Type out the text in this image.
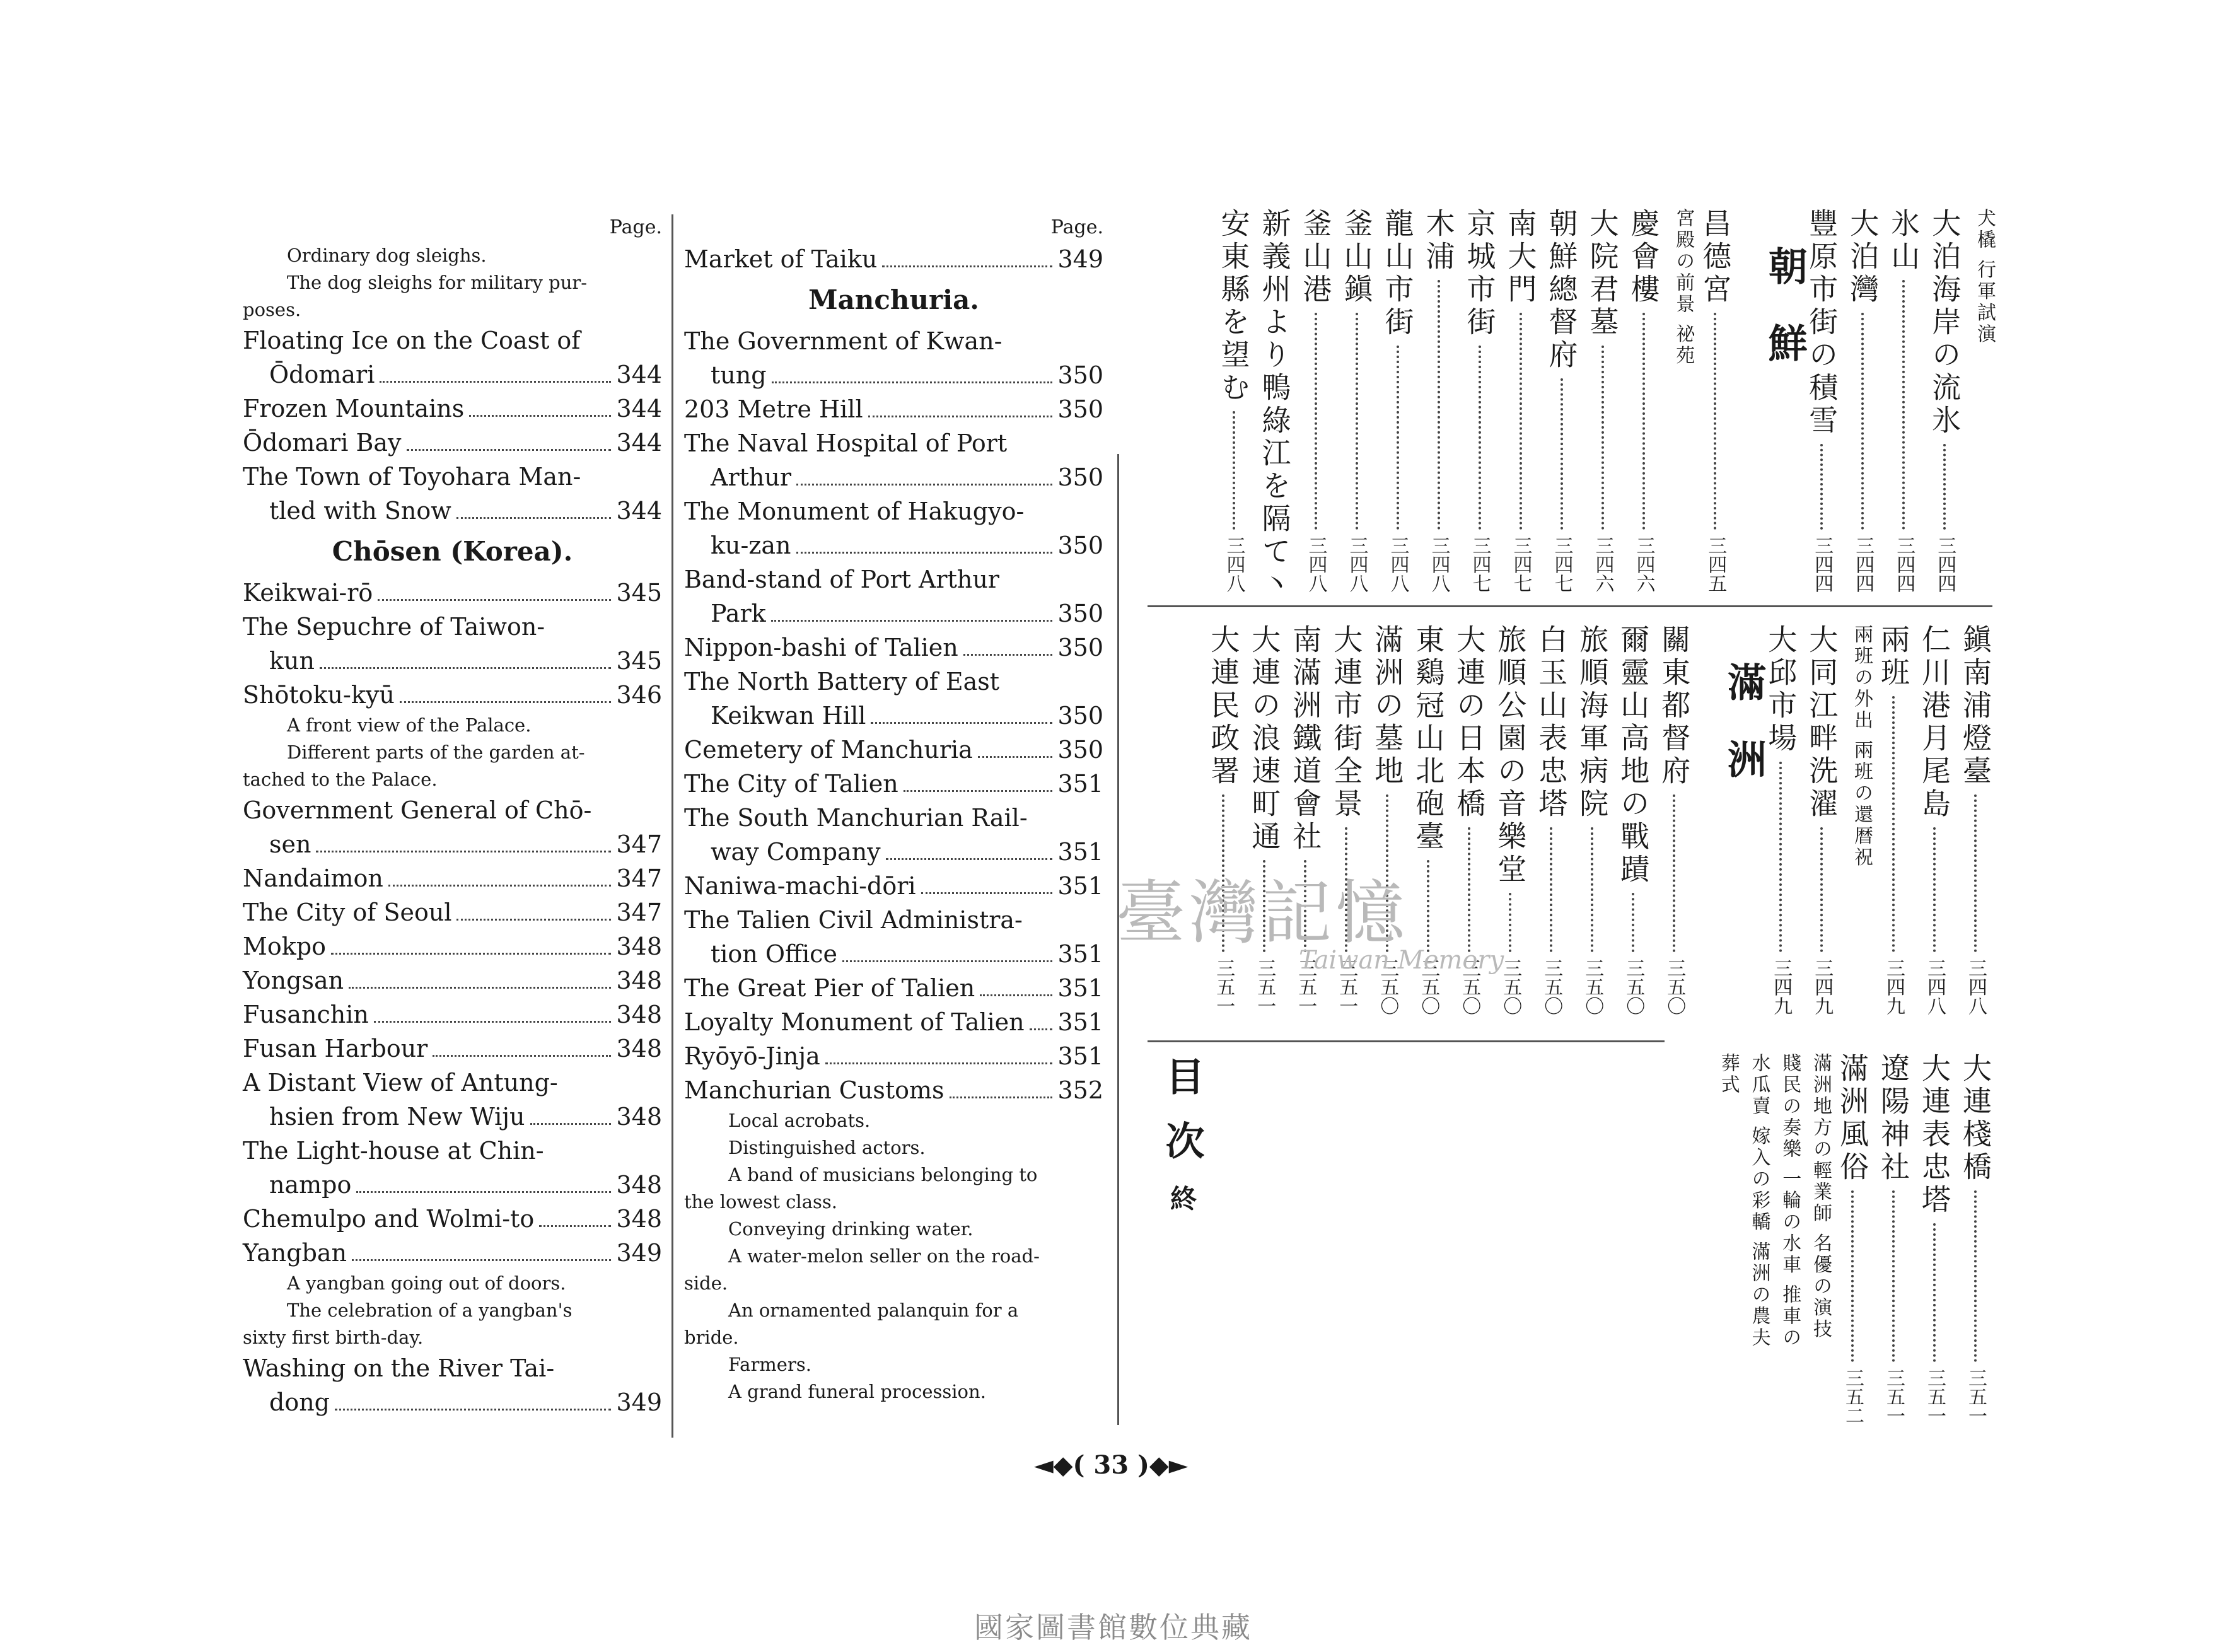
Page.
Ordinary dog sleighs.
The dog sleighs for military pur-
poses.
Floating Ice on the Coast of
Ōdomari	344
Frozen Mountains	344
Ōdomari Bay	344
The Town of Toyohara Man-
tled with Snow	344
Chōsen (Korea).
Keikwai-rō	345
The Sepuchre of Taiwon-
kun	345
Shōtoku-kyū	346
A front view of the Palace.
Different parts of the garden at-
tached to the Palace.
Government General of Chō-
sen	347
Nandaimon	347
The City of Seoul	347
Mokpo	348
Yongsan	348
Fusanchin	348
Fusan Harbour	348
A Distant View of Antung-
hsien from New Wiju	348
The Light-house at Chin-
nampo	348
Chemulpo and Wolmi-to	348
Yangban	349
A yangban going out of doors.
The celebration of a yangban's
sixty first birth-day.
Washing on the River Tai-
dong	349
Page.
Market of Taiku	349
Manchuria.
The Government of Kwan-
tung	350
203 Metre Hill	350
The Naval Hospital of Port
Arthur	350
The Monument of Hakugyo-
ku-zan	350
Band-stand of Port Arthur
Park	350
Nippon-bashi of Talien	350
The North Battery of East
Keikwan Hill	350
Cemetery of Manchuria	350
The City of Talien	351
The South Manchurian Rail-
way Company	351
Naniwa-machi-dōri	351
The Talien Civil Administra-
tion Office	351
The Great Pier of Talien	351
Loyalty Monument of Talien 351
Ryōyō-Jinja	351
Manchurian Customs	352
Local acrobats.
Distinguished actors.
A band of musicians belonging to
the lowest class.
Conveying drinking water.
A water-melon seller on the road-
side.
An ornamented palanquin for a
bride.
Farmers.
A grand funeral procession.
犬橇 行軍試演
大泊海岸の流氷
三四四
氷山
三四四
大泊灣
三四四
豐原市街の積雪
三四四
朝鮮
昌德宮
三四五
宮殿の前景 祕苑
慶會樓
三四六
大院君墓
三四六
朝鮮總督府
三四七
南大門
三四七
京城市街
三四七
木浦
三四八
龍山市街
三四八
釜山鎭
三四八
釜山港
三四八
新義州より鴨綠江を隔て丶
安東縣を望む
三四八
鎭南浦燈臺
三四八
仁川港月尾島
三四八
兩班
三四九
兩班の外出 兩班の還暦祝
大同江畔洗濯
三四九
大邱市場
三四九
滿洲
關東都督府
三五〇
爾靈山高地の戰蹟
三五〇
旅順海軍病院
三五〇
白玉山表忠塔
三五〇
旅順公園の音樂堂
三五〇
大連の日本橋
三五〇
東鷄冠山北砲臺
三五〇
滿洲の墓地
三五〇
大連市街全景
三五一
南滿洲鐵道會社
三五一
大連の浪速町通
三五一
大連民政署
三五一
大連棧橋
三五一
大連表忠塔
三五一
遼陽神社
三五一
滿洲風俗
三五二
滿洲地方の輕業師 名優の演技
賤民の奏樂 一輪の水車 推車の
水瓜賣 嫁入の彩轎 滿洲の農夫
葬式
目次終
◄◆( 33 )◆►
臺灣記憶
Taiwan Memory
國家圖書館數位典藏
